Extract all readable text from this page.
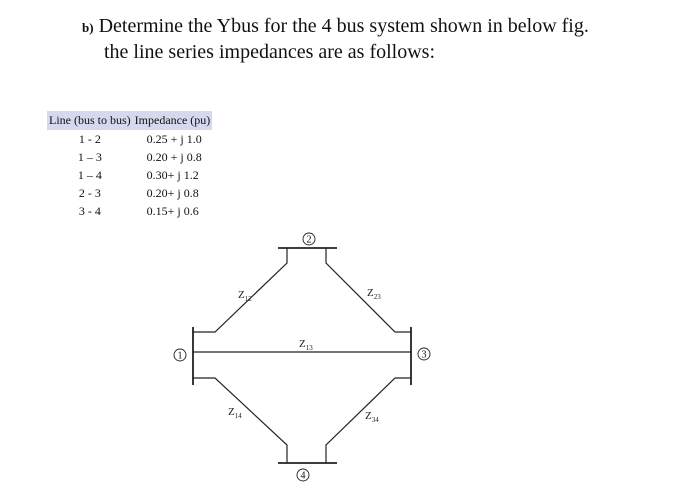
b) Determine the Ybus for the 4 bus system shown in below fig.
the line series impedances are as follows:
Line (bus to bus)	Impedance (pu)
1 - 2	0.25 + j 1.0
1 – 3	0.20 + j 0.8
1 – 4	0.30+ j 1.2
2 - 3	0.20+ j 0.8
3 - 4	0.15+ j 0.6
1
2
3
4
$Z_{12}$	$Z_{23}$
$Z_{13}$
$Z_{14}$	$Z_{34}$
